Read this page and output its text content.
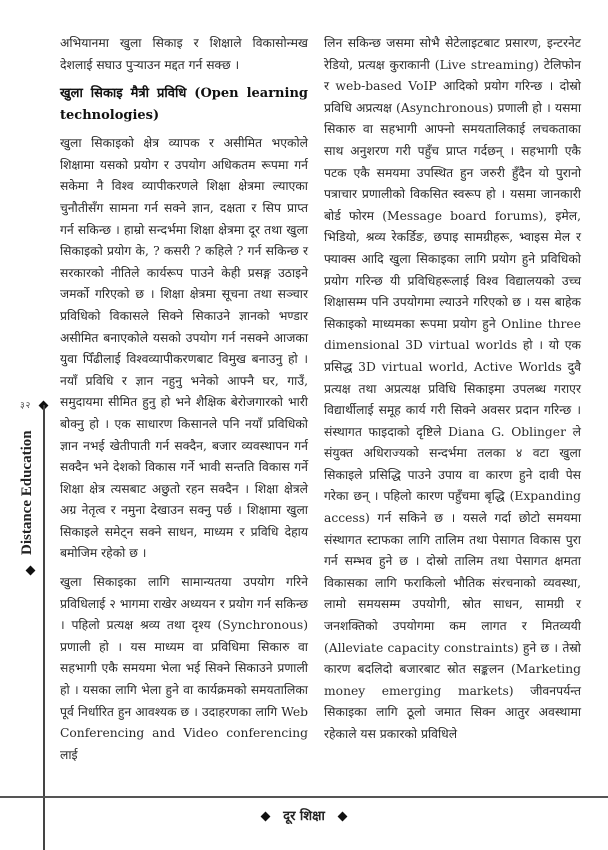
अभियानमा खुला सिकाइ र शिक्षाले विकासोन्मख देशलाई सघाउ पुऱ्याउन मद्दत गर्न सक्छ ।

खुला सिकाइ मैत्री प्रविधि (Open learning technologies)

खुला सिकाइको क्षेत्र व्यापक र असीमित भएकोले शिक्षामा यसको प्रयोग र उपयोग अधिकतम रूपमा गर्न सकेमा नै विश्व व्यापीकरणले शिक्षा क्षेत्रमा ल्याएका चुनौतीसँग सामना गर्न सक्ने ज्ञान, दक्षता र सिप प्राप्त गर्न सकिन्छ । हाम्रो सन्दर्भमा शिक्षा क्षेत्रमा दूर तथा खुला सिकाइको प्रयोग के, ? कसरी ? कहिले ? गर्न सकिन्छ र सरकारको नीतिले कार्यरूप पाउने केही प्रसङ्ग उठाइने जमर्को गरिएको छ । शिक्षा क्षेत्रमा सूचना तथा सञ्चार प्रविधिको विकासले सिक्ने सिकाउने ज्ञानको भण्डार असीमित बनाएकोले यसको उपयोग गर्न नसक्ने आजका युवा पिँढीलाई विश्वव्यापीकरणबाट विमुख बनाउनु हो । नयाँ प्रविधि र ज्ञान नहुनु भनेको आफ्नै घर, गाउँ, समुदायमा सीमित हुनु हो भने शैक्षिक बेरोजगारको भारी बोक्नु हो । एक साधारण किसानले पनि नयाँ प्रविधिको ज्ञान नभई खेतीपाती गर्न सक्दैन, बजार व्यवस्थापन गर्न सक्दैन भने देशको विकास गर्ने भावी सन्तति विकास गर्ने शिक्षा क्षेत्र त्यसबाट अछुतो रहन सक्दैन । शिक्षा क्षेत्रले अग्र नेतृत्व र नमुना देखाउन सक्नु पर्छ । शिक्षामा खुला सिकाइले समेट्न सक्ने साधन, माध्यम र प्रविधि देहाय बमोजिम रहेको छ ।

खुला सिकाइका लागि सामान्यतया उपयोग गरिने प्रविधिलाई २ भागमा राखेर अध्ययन र प्रयोग गर्न सकिन्छ । पहिलो प्रत्यक्ष श्रव्य तथा दृश्य (Synchronous) प्रणाली हो । यस माध्यम वा प्रविधिमा सिकारु वा सहभागी एकै समयमा भेला भई सिक्ने सिकाउने प्रणाली हो । यसका लागि भेला हुने वा कार्यक्रमको समयतालिका पूर्व निर्धारित हुन आवश्यक छ । उदाहरणका लागि Web Conferencing and Video conferencing लाई

लिन सकिन्छ जसमा सोभै सेटेलाइटबाट प्रसारण, इन्टरनेट रेडियो, प्रत्यक्ष कुराकानी (Live streaming) टेलिफोन र web-based VoIP आदिको प्रयोग गरिन्छ । दोस्रो प्रविधि अप्रत्यक्ष (Asynchronous) प्रणाली हो । यसमा सिकारु वा सहभागी आफ्नो समयतालिकाई लचकताका साथ अनुशरण गरी पहुँच प्राप्त गर्दछन् । सहभागी एकै पटक एकै समयमा उपस्थित हुन जरुरी हुँदैन यो पुरानो पत्राचार प्रणालीको विकसित स्वरूप हो । यसमा जानकारी बोर्ड फोरम (Message board forums), इमेल, भिडियो, श्रव्य रेकर्डिङ, छपाइ सामग्रीहरू, भ्वाइस मेल र फ्याक्स आदि खुला सिकाइका लागि प्रयोग हुने प्रविधिको प्रयोग गरिन्छ यी प्रविधिहरूलाई विश्व विद्यालयको उच्च शिक्षासम्म पनि उपयोगमा ल्याउने गरिएको छ । यस बाहेक सिकाइको माध्यमका रूपमा प्रयोग हुने Online three dimensional 3D virtual worlds हो । यो एक प्रसिद्ध 3D virtual world, Active Worlds दुवै प्रत्यक्ष तथा अप्रत्यक्ष प्रविधि सिकाइमा उपलब्ध गराएर विद्यार्थीलाई समूह कार्य गरी सिक्ने अवसर प्रदान गरिन्छ । संस्थागत फाइदाको दृष्टिले Diana G. Oblinger ले संयुक्त अधिराज्यको सन्दर्भमा तलका ४ वटा खुला सिकाइले प्रसिद्धि पाउने उपाय वा कारण हुने दावी पेस गरेका छन् । पहिलो कारण पहुँचमा बृद्धि (Expanding access) गर्न सकिने छ । यसले गर्दा छोटो समयमा संस्थागत स्टाफका लागि तालिम तथा पेसागत विकास पुरा गर्न सम्भव हुने छ । दोस्रो तालिम तथा पेसागत क्षमता विकासका लागि फराकिलो भौतिक संरचनाको व्यवस्था, लामो समयसम्म उपयोगी, स्रोत साधन, सामग्री र जनशक्तिको उपयोगमा कम लागत र मितव्ययी (Alleviate capacity constraints) हुने छ । तेस्रो कारण बदलिदो बजारबाट स्रोत सङ्कलन (Marketing money emerging markets) जीवनपर्यन्त सिकाइका लागि ठूलो जमात सिक्न आतुर अवस्थामा रहेकाले यस प्रकारको प्रविधिले

३२
Distance Education
दूर शिक्षा
